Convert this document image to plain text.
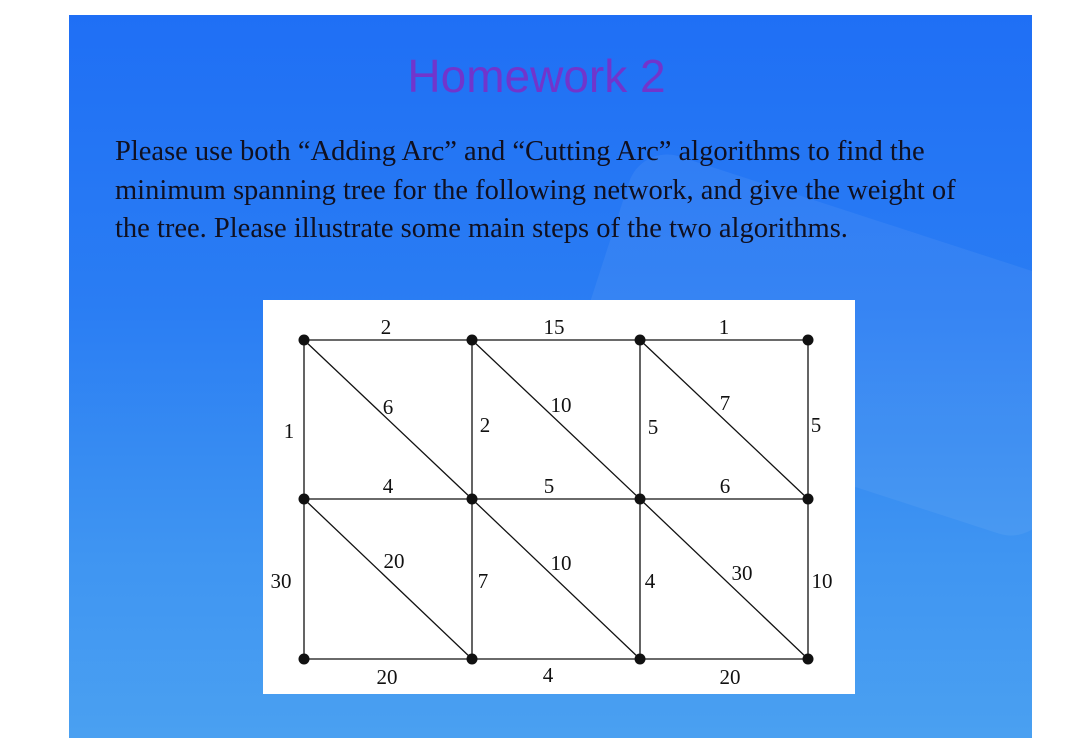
Homework 2
Please use both “Adding Arc” and “Cutting Arc” algorithms to find the minimum spanning tree for the following network, and give the weight of the tree. Please illustrate some main steps of the two algorithms.
2	15	1
4	5	6
20	4	20
1	2	5	5
30	7	4	10
6	10	7
20	10	30
